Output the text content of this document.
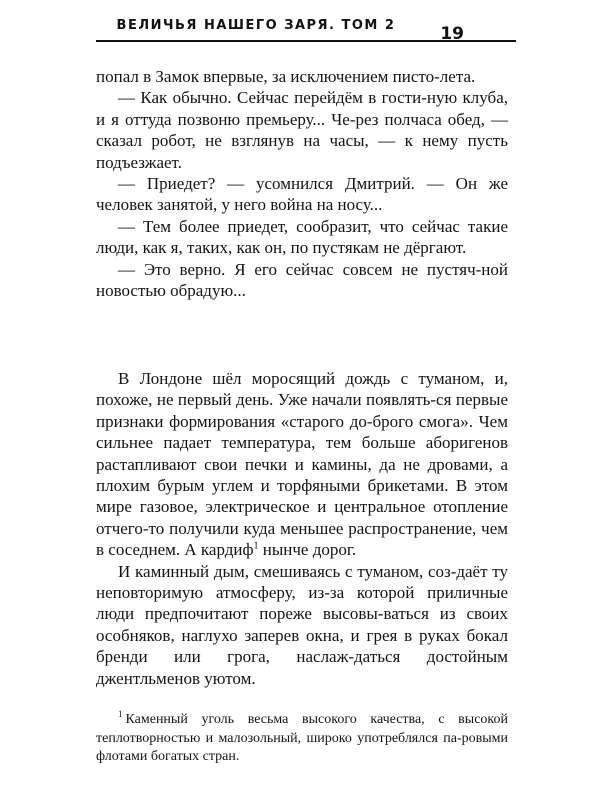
ВЕЛИЧЬЯ НАШЕГО ЗАРЯ. ТОМ 2	19

попал в Замок впервые, за исключением писто-лета.

— Как обычно. Сейчас перейдём в гости-ную клуба, и я оттуда позвоню премьеру... Че-рез полчаса обед, — сказал робот, не взглянув на часы, — к нему пусть подъезжает.

— Приедет? — усомнился Дмитрий. — Он же человек занятой, у него война на носу...

— Тем более приедет, сообразит, что сейчас такие люди, как я, таких, как он, по пустякам не дёргают.

— Это верно. Я его сейчас совсем не пустяч-ной новостью обрадую...

В Лондоне шёл моросящий дождь с туманом, и, похоже, не первый день. Уже начали появлять-ся первые признаки формирования «старого до-брого смога». Чем сильнее падает температура, тем больше аборигенов растапливают свои печки и камины, да не дровами, а плохим бурым углем и торфяными брикетами. В этом мире газовое, электрическое и центральное отопление отчего-то получили куда меньшее распространение, чем в соседнем. А кардиф$^1$ нынче дорог.

И каминный дым, смешиваясь с туманом, соз-даёт ту неповторимую атмосферу, из-за которой приличные люди предпочитают пореже высовы-ваться из своих особняков, наглухо заперев окна, и грея в руках бокал бренди или грога, наслаж-даться достойным джентльменов уютом.

$^1$ Каменный уголь весьма высокого качества, с высокой теплотворностью и малозольный, широко употреблялся па-ровыми флотами богатых стран.
